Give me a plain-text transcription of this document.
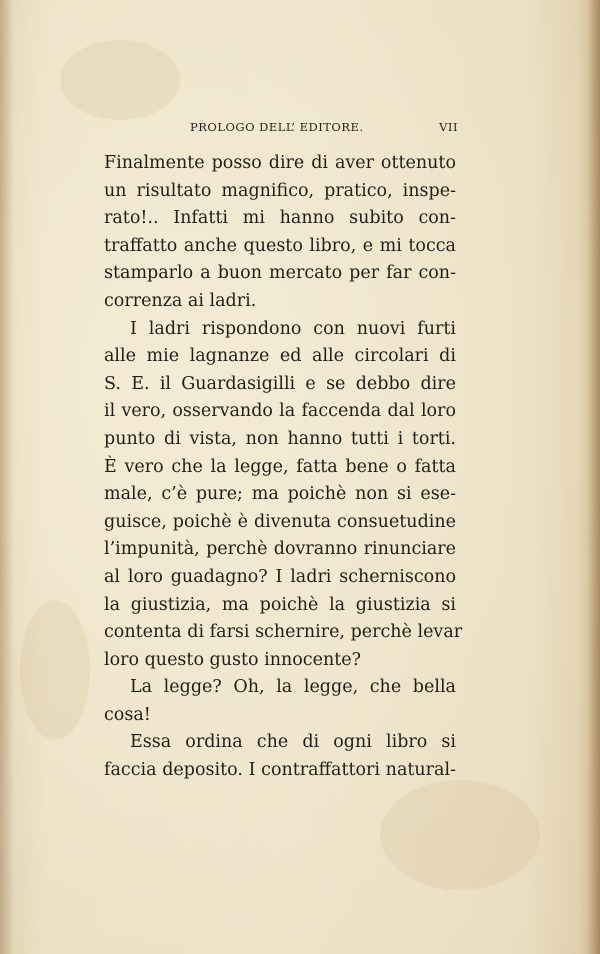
PROLOGO DELL’ EDITORE.	VII
Finalmente posso dire di aver ottenuto
un risultato magnifico, pratico, inspe-
rato!.. Infatti mi hanno subito con-
traffatto anche questo libro, e mi tocca
stamparlo a buon mercato per far con-
correnza ai ladri.
I ladri rispondono con nuovi furti
alle mie lagnanze ed alle circolari di
S. E. il Guardasigilli e se debbo dire
il vero, osservando la faccenda dal loro
punto di vista, non hanno tutti i torti.
È vero che la legge, fatta bene o fatta
male, c’è pure; ma poichè non si ese-
guisce, poichè è divenuta consuetudine
l’impunità, perchè dovranno rinunciare
al loro guadagno? I ladri scherniscono
la giustizia, ma poichè la giustizia si
contenta di farsi schernire, perchè levar
loro questo gusto innocente?
La legge? Oh, la legge, che bella
cosa!
Essa ordina che di ogni libro si
faccia deposito. I contraffattori natural-
